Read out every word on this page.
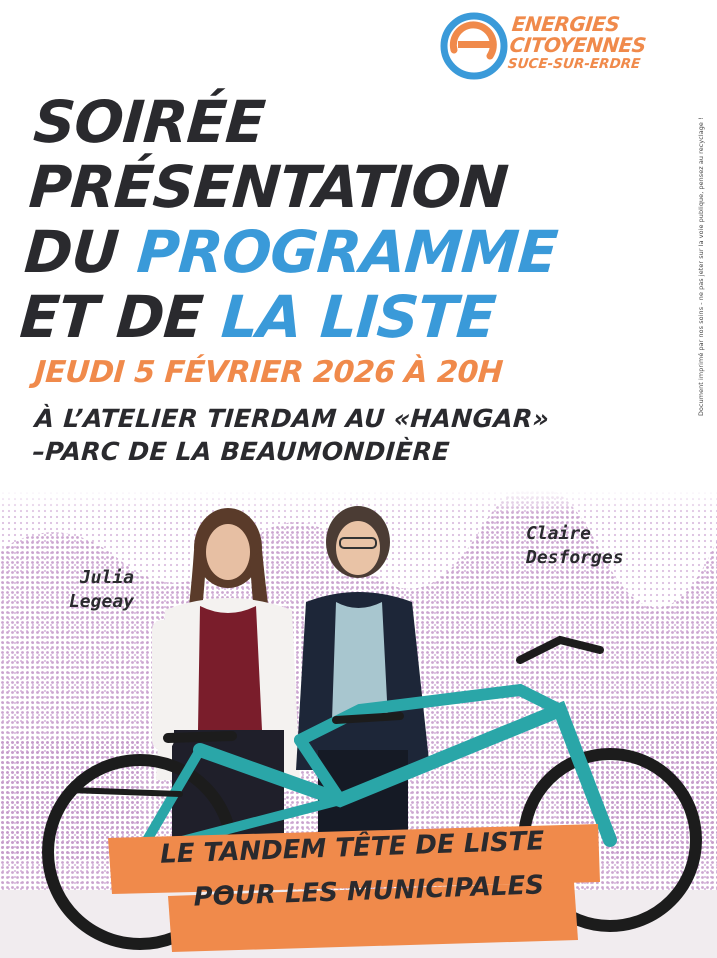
ENERGIES
CITOYENNES
SUCE-SUR-ERDRE
Document imprimé par nos soins - ne pas jeter sur la voie publique, pensez au recyclage !
SOIRÉE
PRÉSENTATION
DU PROGRAMME
ET DE LA LISTE
JEUDI 5 FÉVRIER 2026 À 20H
À L’ATELIER TIERDAM AU «HANGAR»
–PARC DE LA BEAUMONDIÈRE
Julia
Legeay
Claire
Desforges
LE TANDEM TÊTE DE LISTE
POUR LES MUNICIPALES
